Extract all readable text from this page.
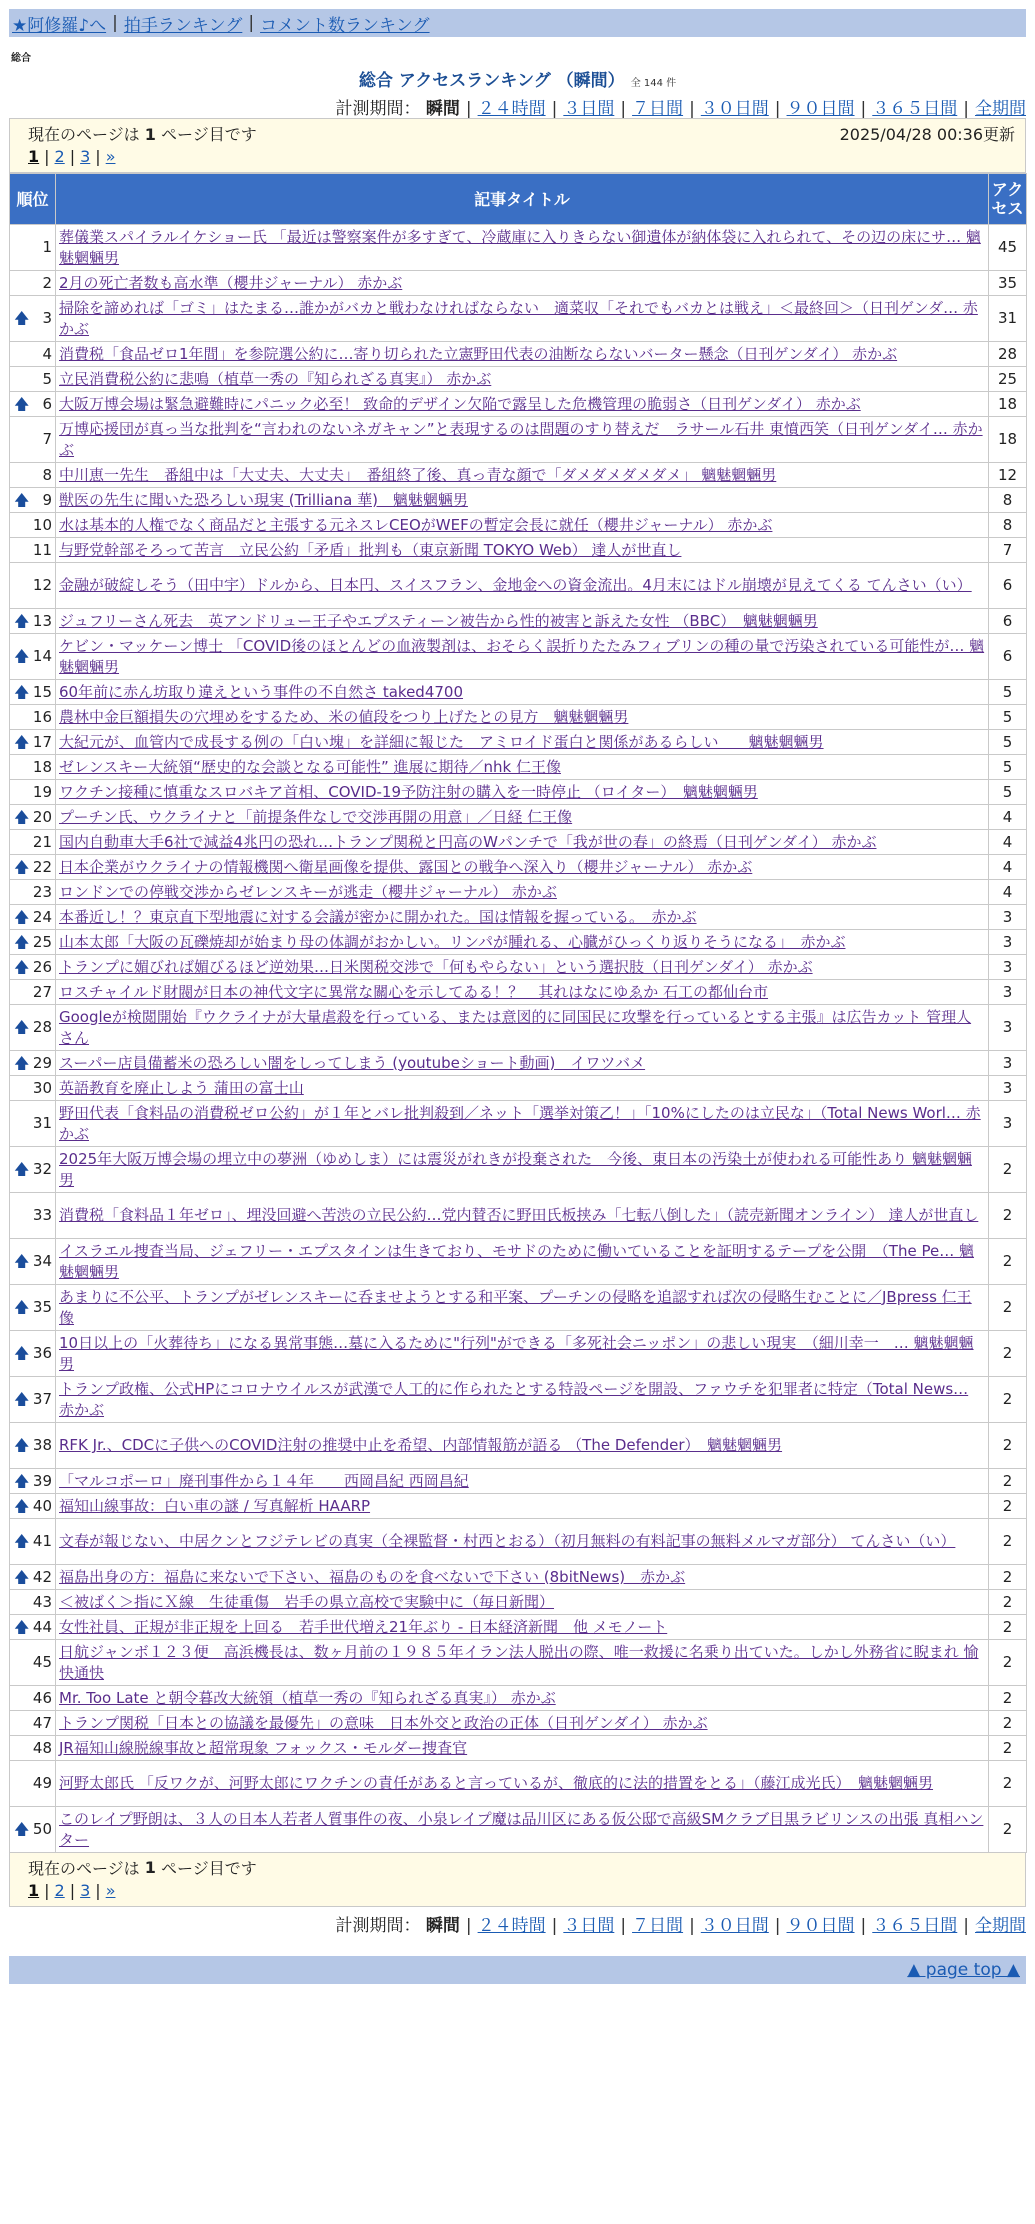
★阿修羅♪へ | 拍手ランキング | コメント数ランキング
総合
総合 アクセスランキング （瞬間） 全 144 件
計測期間： 瞬間 | ２４時間 | ３日間 | ７日間 | ３０日間 | ９０日間 | ３６５日間 | 全期間
現在のページは 1 ページ目です	2025/04/28 00:36更新
1 | 2 | 3 | »
順位	記事タイトル	アクセス
1	葬儀業スパイラルイケショー氏 「最近は警察案件が多すぎて、冷蔵庫に入りきらない御遺体が納体袋に入れられて、その辺の床にサ… 魑魅魍魎男	45
2	2月の死亡者数も高水準（櫻井ジャーナル） 赤かぶ	35

🡅 3	掃除を諦めれば「ゴミ」はたまる…誰かがバカと戦わなければならない　適菜収「それでもバカとは戦え」＜最終回＞（日刊ゲンダ… 赤かぶ	31
4	消費税「食品ゼロ1年間」を参院選公約に…寄り切られた立憲野田代表の油断ならないバーター懸念（日刊ゲンダイ） 赤かぶ	28
5	立民消費税公約に悲鳴（植草一秀の『知られざる真実』） 赤かぶ	25

🡅 6	大阪万博会場は緊急避難時にパニック必至！ 致命的デザイン欠陥で露呈した危機管理の脆弱さ（日刊ゲンダイ） 赤かぶ	18
7	万博応援団が真っ当な批判を“言われのないネガキャン”と表現するのは問題のすり替えだ　ラサール石井 東憤西笑（日刊ゲンダイ… 赤かぶ	18
8	中川恵一先生　番組中は「大丈夫、大丈夫」　番組終了後、真っ青な顔で「ダメダメダメダメ」 魑魅魍魎男	12

🡅 9	獣医の先生に聞いた恐ろしい現実 (Trilliana 華)　魑魅魍魎男	8
10	水は基本的人権でなく商品だと主張する元ネスレCEOがWEFの暫定会長に就任（櫻井ジャーナル） 赤かぶ	8
11	与野党幹部そろって苦言　立民公約「矛盾」批判も（東京新聞 TOKYO Web） 達人が世直し	7
12	金融が破綻しそう（田中宇）ドルから、日本円、スイスフラン、金地金への資金流出。4月末にはドル崩壊が見えてくる てんさい（い）	6

🡅 13	ジュフリーさん死去　英アンドリュー王子やエプスティーン被告から性的被害と訴えた女性 （BBC）　魑魅魍魎男	6

🡅 14	ケビン・マッケーン博士 「COVID後のほとんどの血液製剤は、おそらく誤折りたたみフィブリンの種の量で汚染されている可能性が… 魑魅魍魎男	6

🡅 15	60年前に赤ん坊取り違えという事件の不自然さ taked4700	5
16	農林中金巨額損失の穴埋めをするため、米の値段をつり上げたとの見方　魑魅魍魎男	5

🡅 17	大紀元が、血管内で成長する例の「白い塊」を詳細に報じた　アミロイド蛋白と関係があるらしい　　魑魅魍魎男	5
18	ゼレンスキー大統領“歴史的な会談となる可能性” 進展に期待／nhk 仁王像	5
19	ワクチン接種に慎重なスロバキア首相、COVID-19予防注射の購入を一時停止 （ロイター）　魑魅魍魎男	5

🡅 20	プーチン氏、ウクライナと「前提条件なしで交渉再開の用意」／日経 仁王像	4
21	国内自動車大手6社で減益4兆円の恐れ…トランプ関税と円高のWパンチで「我が世の春」の終焉（日刊ゲンダイ） 赤かぶ	4

🡅 22	日本企業がウクライナの情報機関へ衛星画像を提供、露国との戦争へ深入り（櫻井ジャーナル） 赤かぶ	4
23	ロンドンでの停戦交渉からゼレンスキーが逃走（櫻井ジャーナル） 赤かぶ	4

🡅 24	本番近し！？東京直下型地震に対する会議が密かに開かれた。国は情報を握っている。　赤かぶ	3

🡅 25	山本太郎「大阪の瓦礫焼却が始まり母の体調がおかしい。リンパが腫れる、心臓がひっくり返りそうになる」　赤かぶ	3

🡅 26	トランプに媚びれば媚びるほど逆効果…日米関税交渉で「何もやらない」という選択肢（日刊ゲンダイ） 赤かぶ	3
27	ロスチャイルド財閥が日本の神代文字に異常な關心を示してゐる！？　其れはなにゆゑか 石工の都仙台市	3

🡅 28	Googleが検閲開始『ウクライナが大量虐殺を行っている、または意図的に同国民に攻撃を行っているとする主張』は広告カット 管理人さん	3

🡅 29	スーパー店員備蓄米の恐ろしい闇をしってしまう (youtubeショート動画)　イワツバメ	3
30	英語教育を廃止しよう 蒲田の富士山	3
31	野田代表「食料品の消費税ゼロ公約」が１年とバレ批判殺到／ネット「選挙対策乙！」「10%にしたのは立民な」（Total News Worl… 赤かぶ	3

🡅 32	2025年大阪万博会場の埋立中の夢洲（ゆめしま）には震災がれきが投棄された　今後、東日本の汚染土が使われる可能性あり 魑魅魍魎男	2
33	消費税「食料品１年ゼロ」、埋没回避へ苦渋の立民公約…党内賛否に野田氏板挟み「七転八倒した」（読売新聞オンライン） 達人が世直し	2

🡅 34	イスラエル捜査当局、ジェフリー・エプスタインは生きており、モサドのために働いていることを証明するテープを公開　（The Pe… 魑魅魍魎男	2

🡅 35	あまりに不公平、トランプがゼレンスキーに呑ませようとする和平案、プーチンの侵略を追認すれば次の侵略生むことに／JBpress 仁王像	2

🡅 36	10日以上の「火葬待ち」になる異常事態…墓に入るために"行列"ができる「多死社会ニッポン」の悲しい現実　（細川幸一　… 魑魅魍魎男	2

🡅 37	トランプ政権、公式HPにコロナウイルスが武漢で人工的に作られたとする特設ページを開設、ファウチを犯罪者に特定（Total News… 赤かぶ	2

🡅 38	RFK Jr.、CDCに子供へのCOVID注射の推奨中止を希望、内部情報筋が語る （The Defender）　魑魅魍魎男	2

🡅 39	「マルコポーロ」廃刊事件から１４年　　西岡昌紀 西岡昌紀	2

🡅 40	福知山線事故：白い車の謎 / 写真解析 HAARP	2

🡅 41	文春が報じない、中居クンとフジテレビの真実（全裸監督・村西とおる）（初月無料の有料記事の無料メルマガ部分） てんさい（い）	2

🡅 42	福島出身の方：福島に来ないで下さい、福島のものを食べないで下さい (8bitNews)　赤かぶ	2
43	＜被ばく＞指にＸ線　生徒重傷　岩手の県立高校で実験中に（毎日新聞）	2

🡅 44	女性社員、正規が非正規を上回る　若手世代増え21年ぶり - 日本経済新聞　他 メモノート	2
45	日航ジャンボ１２３便　高浜機長は、数ヶ月前の１９８５年イラン法人脱出の際、唯一救援に名乗り出ていた。しかし外務省に睨まれ 愉快通快	2
46	Mr. Too Late と朝令暮改大統領（植草一秀の『知られざる真実』） 赤かぶ	2
47	トランプ関税「日本との協議を最優先」の意味　日本外交と政治の正体（日刊ゲンダイ） 赤かぶ	2
48	JR福知山線脱線事故と超常現象 フォックス・モルダー捜査官	2
49	河野太郎氏 「反ワクが、河野太郎にワクチンの責任があると言っているが、徹底的に法的措置をとる」（藤江成光氏）　魑魅魍魎男	2

🡅 50	このレイプ野朗は、３人の日本人若者人質事件の夜、小泉レイプ魔は品川区にある仮公邸で高級SMクラブ目黒ラビリンスの出張 真相ハンター	2
現在のページは
1
ページ目です
1 | 2 | 3 | »
計測期間： 瞬間 | ２４時間 | ３日間 | ７日間 | ３０日間 | ９０日間 | ３６５日間 | 全期間
▲ page top ▲
